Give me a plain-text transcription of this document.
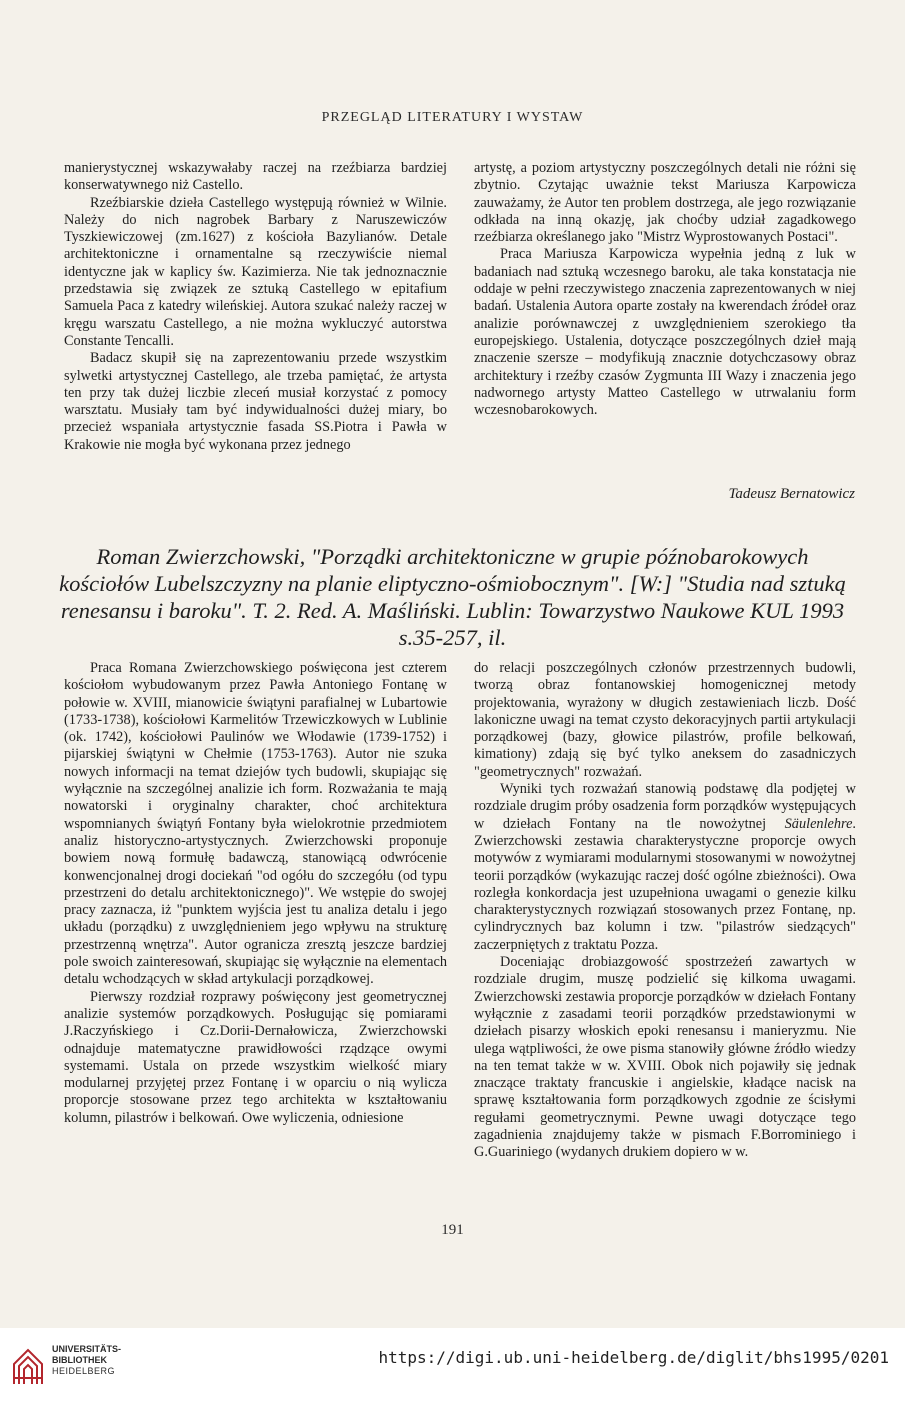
PRZEGLĄD LITERATURY I WYSTAW

manierystycznej wskazywałaby raczej na rzeźbiarza bardziej konserwatywnego niż Castello.

Rzeźbiarskie dzieła Castellego występują również w Wilnie. Należy do nich nagrobek Barbary z Naruszewiczów Tyszkiewiczowej (zm.1627) z kościoła Bazylianów. Detale architektoniczne i ornamentalne są rzeczywiście niemal identyczne jak w kaplicy św. Kazimierza. Nie tak jednoznacznie przedstawia się związek ze sztuką Castellego w epitafium Samuela Paca z katedry wileńskiej. Autora szukać należy raczej w kręgu warszatu Castellego, a nie można wykluczyć autorstwa Constante Tencalli.

Badacz skupił się na zaprezentowaniu przede wszystkim sylwetki artystycznej Castellego, ale trzeba pamiętać, że artysta ten przy tak dużej liczbie zleceń musiał korzystać z pomocy warsztatu. Musiały tam być indywidualności dużej miary, bo przecież wspaniała artystycznie fasada SS.Piotra i Pawła w Krakowie nie mogła być wykonana przez jednego

artystę, a poziom artystyczny poszczególnych detali nie różni się zbytnio. Czytając uważnie tekst Mariusza Karpowicza zauważamy, że Autor ten problem dostrzega, ale jego rozwiązanie odkłada na inną okazję, jak choćby udział zagadkowego rzeźbiarza określanego jako "Mistrz Wyprostowanych Postaci".

Praca Mariusza Karpowicza wypełnia jedną z luk w badaniach nad sztuką wczesnego baroku, ale taka konstatacja nie oddaje w pełni rzeczywistego znaczenia zaprezentowanych w niej badań. Ustalenia Autora oparte zostały na kwerendach źródeł oraz analizie porównawczej z uwzględnieniem szerokiego tła europejskiego. Ustalenia, dotyczące poszczególnych dzieł mają znaczenie szersze – modyfikują znacznie dotychczasowy obraz architektury i rzeźby czasów Zygmunta III Wazy i znaczenia jego nadwornego artysty Matteo Castellego w utrwalaniu form wczesnobarokowych.

Tadeusz Bernatowicz
Roman Zwierzchowski, "Porządki architektoniczne w grupie późnobarokowych kościołów Lubelszczyzny na planie eliptyczno-ośmiobocznym". [W:] "Studia nad sztuką renesansu i baroku". T. 2. Red. A. Maśliński. Lublin: Towarzystwo Naukowe KUL 1993 s.35-257, il.

Praca Romana Zwierzchowskiego poświęcona jest czterem kościołom wybudowanym przez Pawła Antoniego Fontanę w połowie w. XVIII, mianowicie świątyni parafialnej w Lubartowie (1733-1738), kościołowi Karmelitów Trzewiczkowych w Lublinie (ok. 1742), kościołowi Paulinów we Włodawie (1739-1752) i pijarskiej świątyni w Chełmie (1753-1763). Autor nie szuka nowych informacji na temat dziejów tych budowli, skupiając się wyłącznie na szczególnej analizie ich form. Rozważania te mają nowatorski i oryginalny charakter, choć architektura wspomnianych świątyń Fontany była wielokrotnie przedmiotem analiz historyczno-artystycznych. Zwierzchowski proponuje bowiem nową formułę badawczą, stanowiącą odwrócenie konwencjonalnej drogi dociekań "od ogółu do szczegółu (od typu przestrzeni do detalu architektonicznego)". We wstępie do swojej pracy zaznacza, iż "punktem wyjścia jest tu analiza detalu i jego układu (porządku) z uwzględnieniem jego wpływu na strukturę przestrzenną wnętrza". Autor ogranicza zresztą jeszcze bardziej pole swoich zainteresowań, skupiając się wyłącznie na elementach detalu wchodzących w skład artykulacji porządkowej.

Pierwszy rozdział rozprawy poświęcony jest geometrycznej analizie systemów porządkowych. Posługując się pomiarami J.Raczyńskiego i Cz.Dorii-Dernałowicza, Zwierzchowski odnajduje matematyczne prawidłowości rządzące owymi systemami. Ustala on przede wszystkim wielkość miary modularnej przyjętej przez Fontanę i w oparciu o nią wylicza proporcje stosowane przez tego architekta w kształtowaniu kolumn, pilastrów i belkowań. Owe wyliczenia, odniesione

do relacji poszczególnych członów przestrzennych budowli, tworzą obraz fontanowskiej homogenicznej metody projektowania, wyrażony w długich zestawieniach liczb. Dość lakoniczne uwagi na temat czysto dekoracyjnych partii artykulacji porządkowej (bazy, głowice pilastrów, profile belkowań, kimationy) zdają się być tylko aneksem do zasadniczych "geometrycznych" rozważań.

Wyniki tych rozważań stanowią podstawę dla podjętej w rozdziale drugim próby osadzenia form porządków występujących w dziełach Fontany na tle nowożytnej Säulenlehre. Zwierzchowski zestawia charakterystyczne proporcje owych motywów z wymiarami modularnymi stosowanymi w nowożytnej teorii porządków (wykazując raczej dość ogólne zbieżności). Owa rozległa konkordacja jest uzupełniona uwagami o genezie kilku charakterystycznych rozwiązań stosowanych przez Fontanę, np. cylindrycznych baz kolumn i tzw. "pilastrów siedzących" zaczerpniętych z traktatu Pozza.

Doceniając drobiazgowość spostrzeżeń zawartych w rozdziale drugim, muszę podzielić się kilkoma uwagami. Zwierzchowski zestawia proporcje porządków w dziełach Fontany wyłącznie z zasadami teorii porządków przedstawionymi w dziełach pisarzy włoskich epoki renesansu i manieryzmu. Nie ulega wątpliwości, że owe pisma stanowiły główne źródło wiedzy na ten temat także w w. XVIII. Obok nich pojawiły się jednak znaczące traktaty francuskie i angielskie, kładące nacisk na sprawę kształtowania form porządkowych zgodnie ze ścisłymi regułami geometrycznymi. Pewne uwagi dotyczące tego zagadnienia znajdujemy także w pismach F.Borrominiego i G.Guariniego (wydanych drukiem dopiero w w.

191
UNIVERSITÄTS-
BIBLIOTHEK
HEIDELBERG
https://digi.ub.uni-heidelberg.de/diglit/bhs1995/0201
